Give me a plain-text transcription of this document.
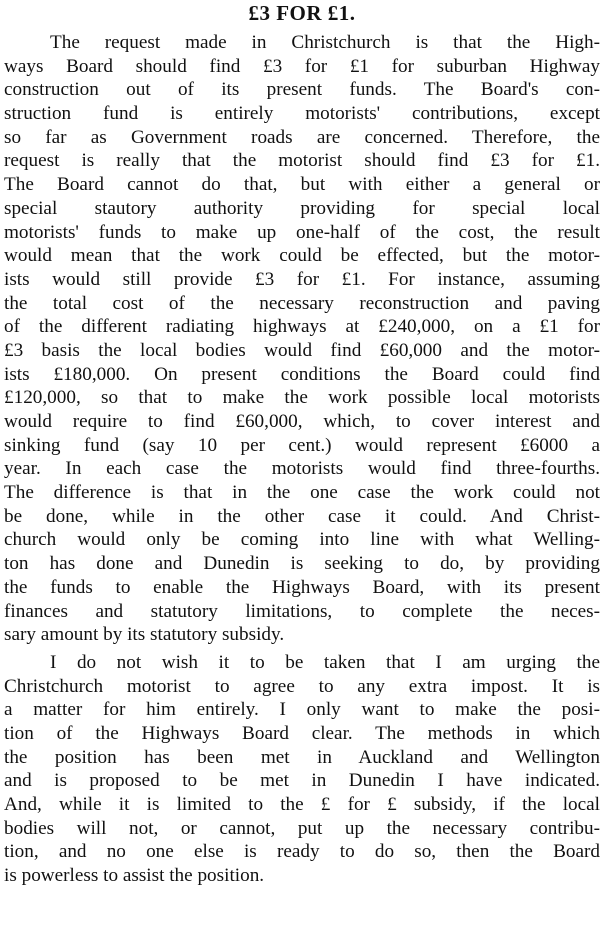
£3 FOR £1.

The request made in Christchurch is that the High-
ways Board should find £3 for £1 for suburban Highway
construction out of its present funds. The Board's con-
struction fund is entirely motorists' contributions, except
so far as Government roads are concerned. Therefore, the
request is really that the motorist should find £3 for £1.
The Board cannot do that, but with either a general or
special stautory authority providing for special local
motorists' funds to make up one-half of the cost, the result
would mean that the work could be effected, but the motor-
ists would still provide £3 for £1. For instance, assuming
the total cost of the necessary reconstruction and paving
of the different radiating highways at £240,000, on a £1 for
£3 basis the local bodies would find £60,000 and the motor-
ists £180,000. On present conditions the Board could find
£120,000, so that to make the work possible local motorists
would require to find £60,000, which, to cover interest and
sinking fund (say 10 per cent.) would represent £6000 a
year. In each case the motorists would find three-fourths.
The difference is that in the one case the work could not
be done, while in the other case it could. And Christ-
church would only be coming into line with what Welling-
ton has done and Dunedin is seeking to do, by providing
the funds to enable the Highways Board, with its present
finances and statutory limitations, to complete the neces-
sary amount by its statutory subsidy.

I do not wish it to be taken that I am urging the
Christchurch motorist to agree to any extra impost. It is
a matter for him entirely. I only want to make the posi-
tion of the Highways Board clear. The methods in which
the position has been met in Auckland and Wellington
and is proposed to be met in Dunedin I have indicated.
And, while it is limited to the £ for £ subsidy, if the local
bodies will not, or cannot, put up the necessary contribu-
tion, and no one else is ready to do so, then the Board
is powerless to assist the position.
